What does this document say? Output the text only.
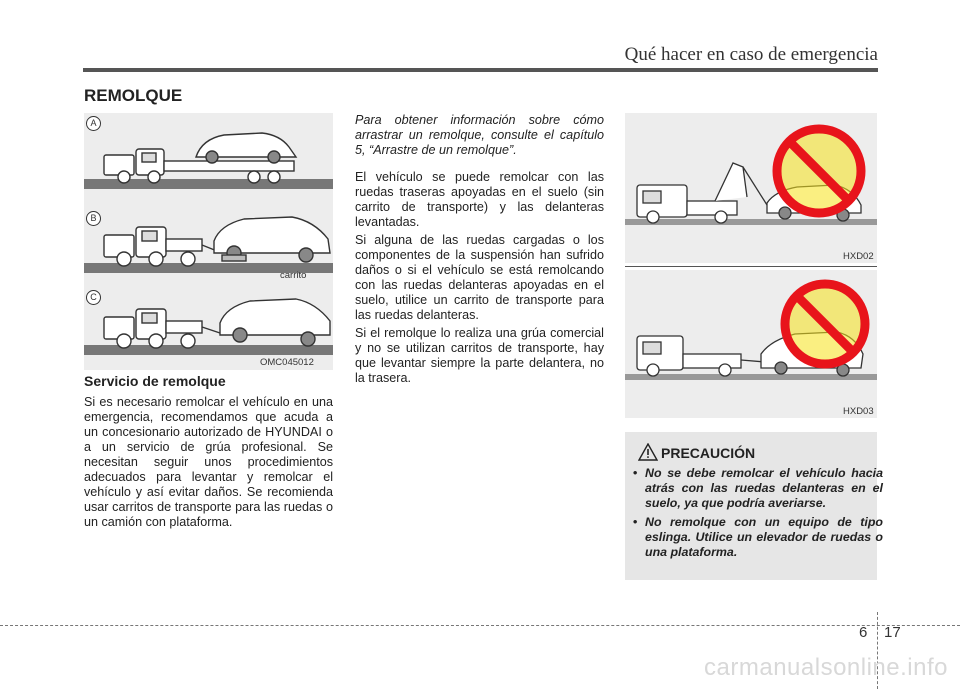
Qué hacer en caso de emergencia
REMOLQUE
A
B
C
carrito
OMC045012
Servicio de remolque

Si es necesario remolcar el vehículo en una emergencia, recomendamos que acuda a un concesionario autorizado de HYUNDAI o a un servicio de grúa profesional. Se necesitan seguir unos procedimientos adecuados para levantar y remolcar el vehículo y así evitar daños. Se recomienda usar carritos de transporte para las ruedas o un camión con plataforma.

Para obtener información sobre cómo arrastrar un remolque, consulte el capítulo 5, “Arrastre de un remolque”.

El vehículo se puede remolcar con las ruedas traseras apoyadas en el suelo (sin carrito de transporte) y las delanteras levantadas.

Si alguna de las ruedas cargadas o los componentes de la suspensión han sufrido daños o si el vehículo se está remolcando con las ruedas delanteras apoyadas en el suelo, utilice un carrito de transporte para las ruedas delanteras.

Si el remolque lo realiza una grúa comercial y no se utilizan carritos de transporte, hay que levantar siempre la parte delantera, no la trasera.

HXD02
HXD03
PRECAUCIÓN
• No se debe remolcar el vehículo hacia atrás con las ruedas delanteras en el suelo, ya que podría averiarse.
• No remolque con un equipo de tipo eslinga. Utilice un elevador de ruedas o una plataforma.
6 17
carmanualsonline.info
